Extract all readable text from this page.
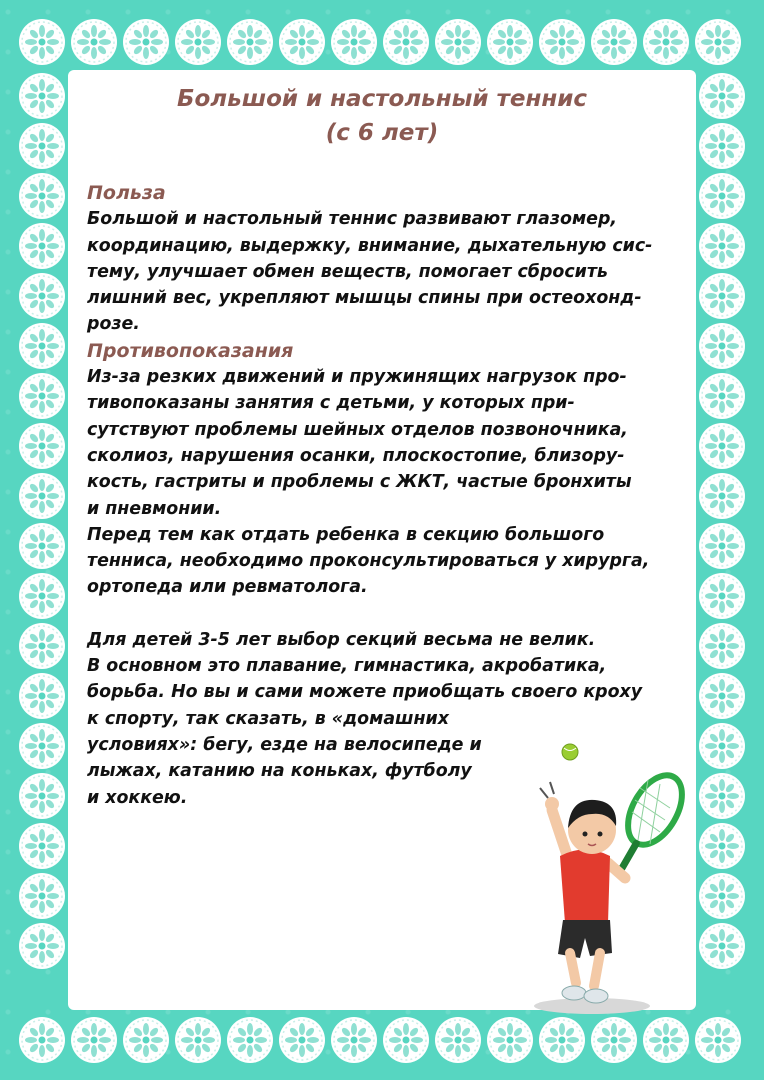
Большой и настольный теннис
(с 6 лет)
Польза
Большой и настольный теннис развивают глазомер,
координацию, выдержку, внимание, дыхательную сис-
тему, улучшает обмен веществ, помогает сбросить
лишний вес, укрепляют мышцы спины при остеохонд-
розе.
Противопоказания
Из-за резких движений и пружинящих нагрузок про-
тивопоказаны занятия с детьми, у которых при-
сутствуют проблемы шейных отделов позвоночника,
сколиоз, нарушения осанки, плоскостопие, близору-
кость, гастриты и проблемы с ЖКТ, частые бронхиты
и пневмонии.
Перед тем как отдать ребенка в секцию большого
тенниса, необходимо проконсультироваться у хирурга,
ортопеда или ревматолога.
Для детей 3-5 лет выбор секций весьма не велик.
В основном это плавание, гимнастика, акробатика,
борьба. Но вы и сами можете приобщать своего кроху
к спорту, так сказать, в «домашних
условиях»: бегу, езде на велосипеде и
лыжах, катанию на коньках, футболу
и хоккею.
